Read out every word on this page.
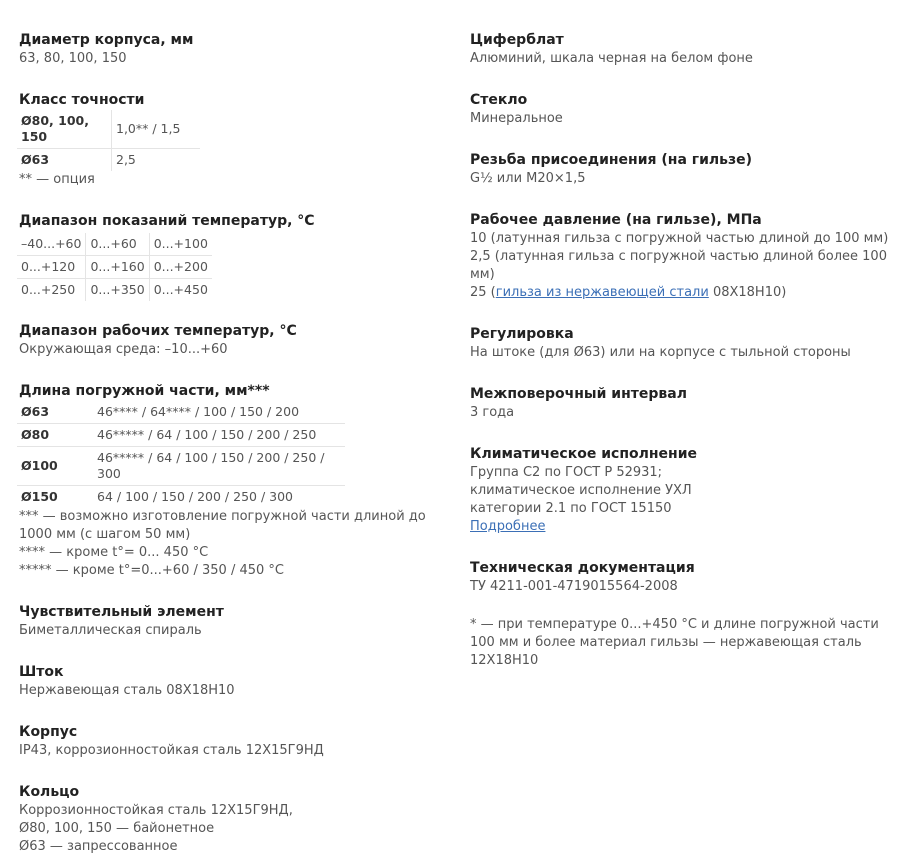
Диаметр корпуса, мм

63, 80, 100, 150

Класс точности
Ø80, 100, 150	1,0** / 1,5
Ø63	2,5

** — опция

Диапазон показаний температур, °C
–40...+60	0...+60	0...+100
0...+120	0...+160	0...+200
0...+250	0...+350	0...+450
Диапазон рабочих температур, °C

Окружающая среда: –10...+60

Длина погружной части, мм***
Ø63	46**** / 64**** / 100 / 150 / 200
Ø80	46***** / 64 / 100 / 150 / 200 / 250
Ø100	46***** / 64 / 100 / 150 / 200 / 250 / 300
Ø150	64 / 100 / 150 / 200 / 250 / 300

*** — возможно изготовление погружной части длиной до 1000 мм (с шагом 50 мм)

**** — кроме t°= 0... 450 °C

***** — кроме t°=0...+60 / 350 / 450 °C

Чувствительный элемент

Биметаллическая спираль

Шток

Нержавеющая сталь 08Х18Н10

Корпус

IP43, коррозионностойкая сталь 12Х15Г9НД

Кольцо

Коррозионностойкая сталь 12Х15Г9НД,

Ø80, 100, 150 — байонетное

Ø63 — запрессованное

Циферблат

Алюминий, шкала черная на белом фоне

Стекло

Минеральное

Резьба присоединения (на гильзе)

G½ или М20×1,5

Рабочее давление (на гильзе), МПа

10 (латунная гильза с погружной частью длиной до 100 мм)

2,5 (латунная гильза с погружной частью длиной более 100 мм)

25 (гильза из нержавеющей стали 08Х18Н10)

Регулировка

На штоке (для Ø63) или на корпусе с тыльной стороны

Межповерочный интервал

3 года

Климатическое исполнение

Группа С2 по ГОСТ Р 52931;

климатическое исполнение УХЛ

категории 2.1 по ГОСТ 15150

Подробнее

Техническая документация

ТУ 4211-001-4719015564-2008

* — при температуре 0...+450 °С и длине погружной части 100 мм и более материал гильзы — нержавеющая сталь 12Х18Н10
